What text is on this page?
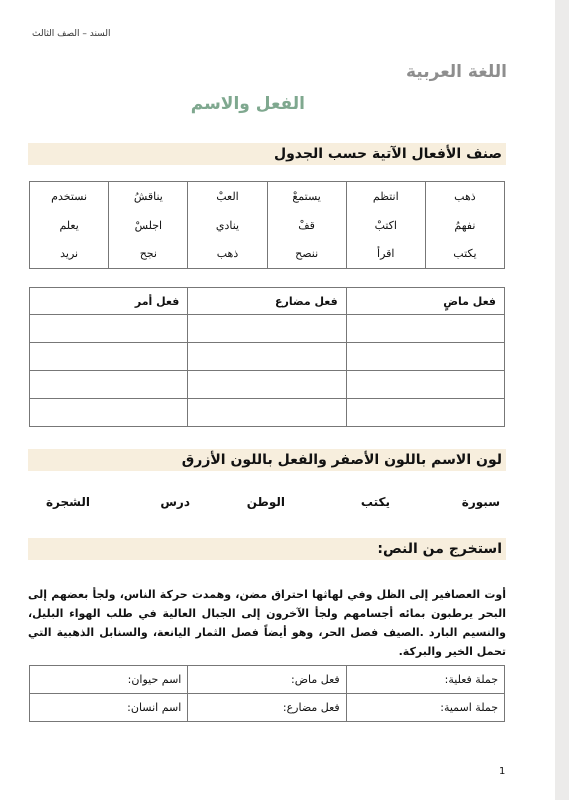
السند – الصف الثالث
اللغة العربية
الفعل والاسم
صنف الأفعال الآتية حسب الجدول
ذهب	انتظم	يستمعْ	العبْ	يناقشُ	نستخدم
نفهمُ	اكتبْ	قفْ	ينادي	اجلسْ	يعلم
يكتب	اقرأ	ننصح	ذهب	نجح	نريد
فعل ماضٍ	فعل مضارع	فعل أمر

لون الاسم باللون الأصفر والفعل باللون الأزرق
سبورة
يكتب
الوطن
درس
الشجرة
استخرج من النص:

أوت العصافير إلى الظل وفي لهاثها احتراق مضن، وهمدت حركة الناس، ولجأ بعضهم إلى البحر يرطبون بمائه أجسامهم ولجأ الآخرون إلى الجبال العالية في طلب الهواء البليل، والنسيم البارد .الصيف فصل الحر، وهو أيضاً فصل الثمار اليانعة، والسنابل الذهبية التي تحمل الخير والبركة.

جملة فعلية:	فعل ماض:	اسم حيوان:
جملة اسمية:	فعل مضارع:	اسم انسان:
1
